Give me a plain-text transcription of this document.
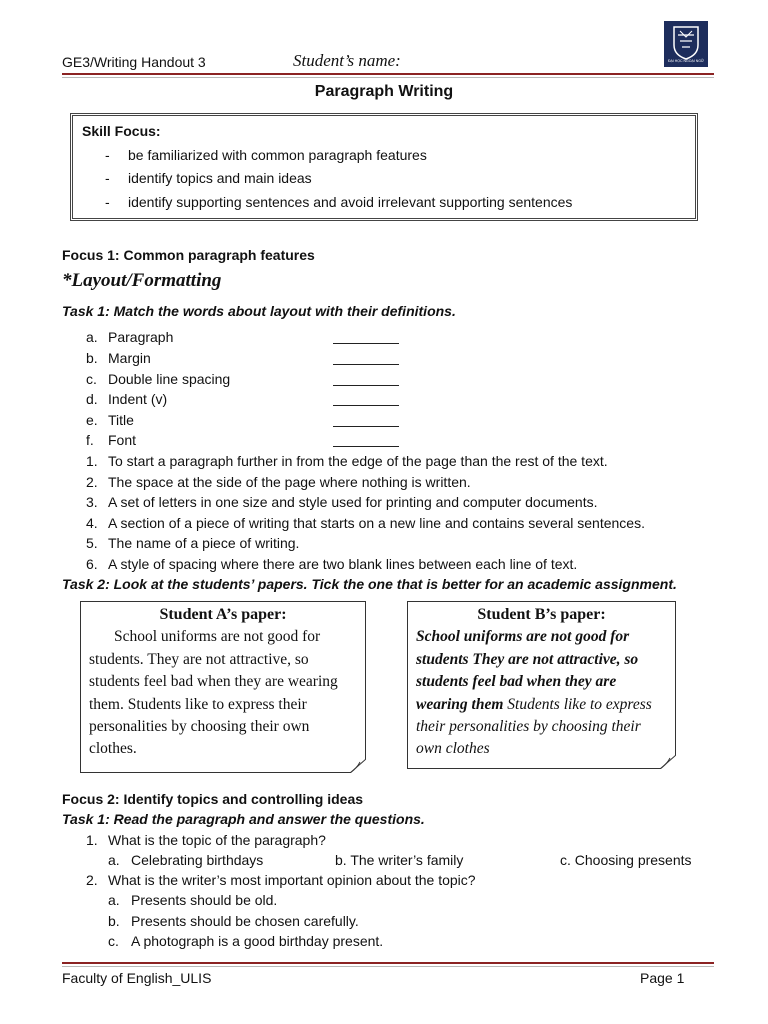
GE3/Writing Handout 3	Student’s name:	ĐẠI HỌC NGOẠI NGỮ
Paragraph Writing
Skill Focus:
- be familiarized with common paragraph features
- identify topics and main ideas
- identify supporting sentences and avoid irrelevant supporting sentences
Focus 1: Common paragraph features
*Layout/Formatting
Task 1: Match the words about layout with their definitions.
a. Paragraph
b. Margin
c. Double line spacing
d. Indent (v)
e. Title
f. Font
1. To start a paragraph further in from the edge of the page than the rest of the text.
2. The space at the side of the page where nothing is written.
3. A set of letters in one size and style used for printing and computer documents.
4. A section of a piece of writing that starts on a new line and contains several sentences.
5. The name of a piece of writing.
6. A style of spacing where there are two blank lines between each line of text.
Task 2: Look at the students’ papers. Tick the one that is better for an academic assignment.
Student A’s paper:
School uniforms are not good for
students. They are not attractive, so
students feel bad when they are wearing
them. Students like to express their
personalities by choosing their own
clothes.
Student B’s paper:
School uniforms are not good for
students They are not attractive, so
students feel bad when they are
wearing them Students like to express
their personalities by choosing their
own clothes
Focus 2: Identify topics and controlling ideas
Task 1: Read the paragraph and answer the questions.
1. What is the topic of the paragraph?
a. Celebrating birthdays	b. The writer’s family	c. Choosing presents
2. What is the writer’s most important opinion about the topic?
a. Presents should be old.
b. Presents should be chosen carefully.
c. A photograph is a good birthday present.
Faculty of English_ULIS	Page 1
